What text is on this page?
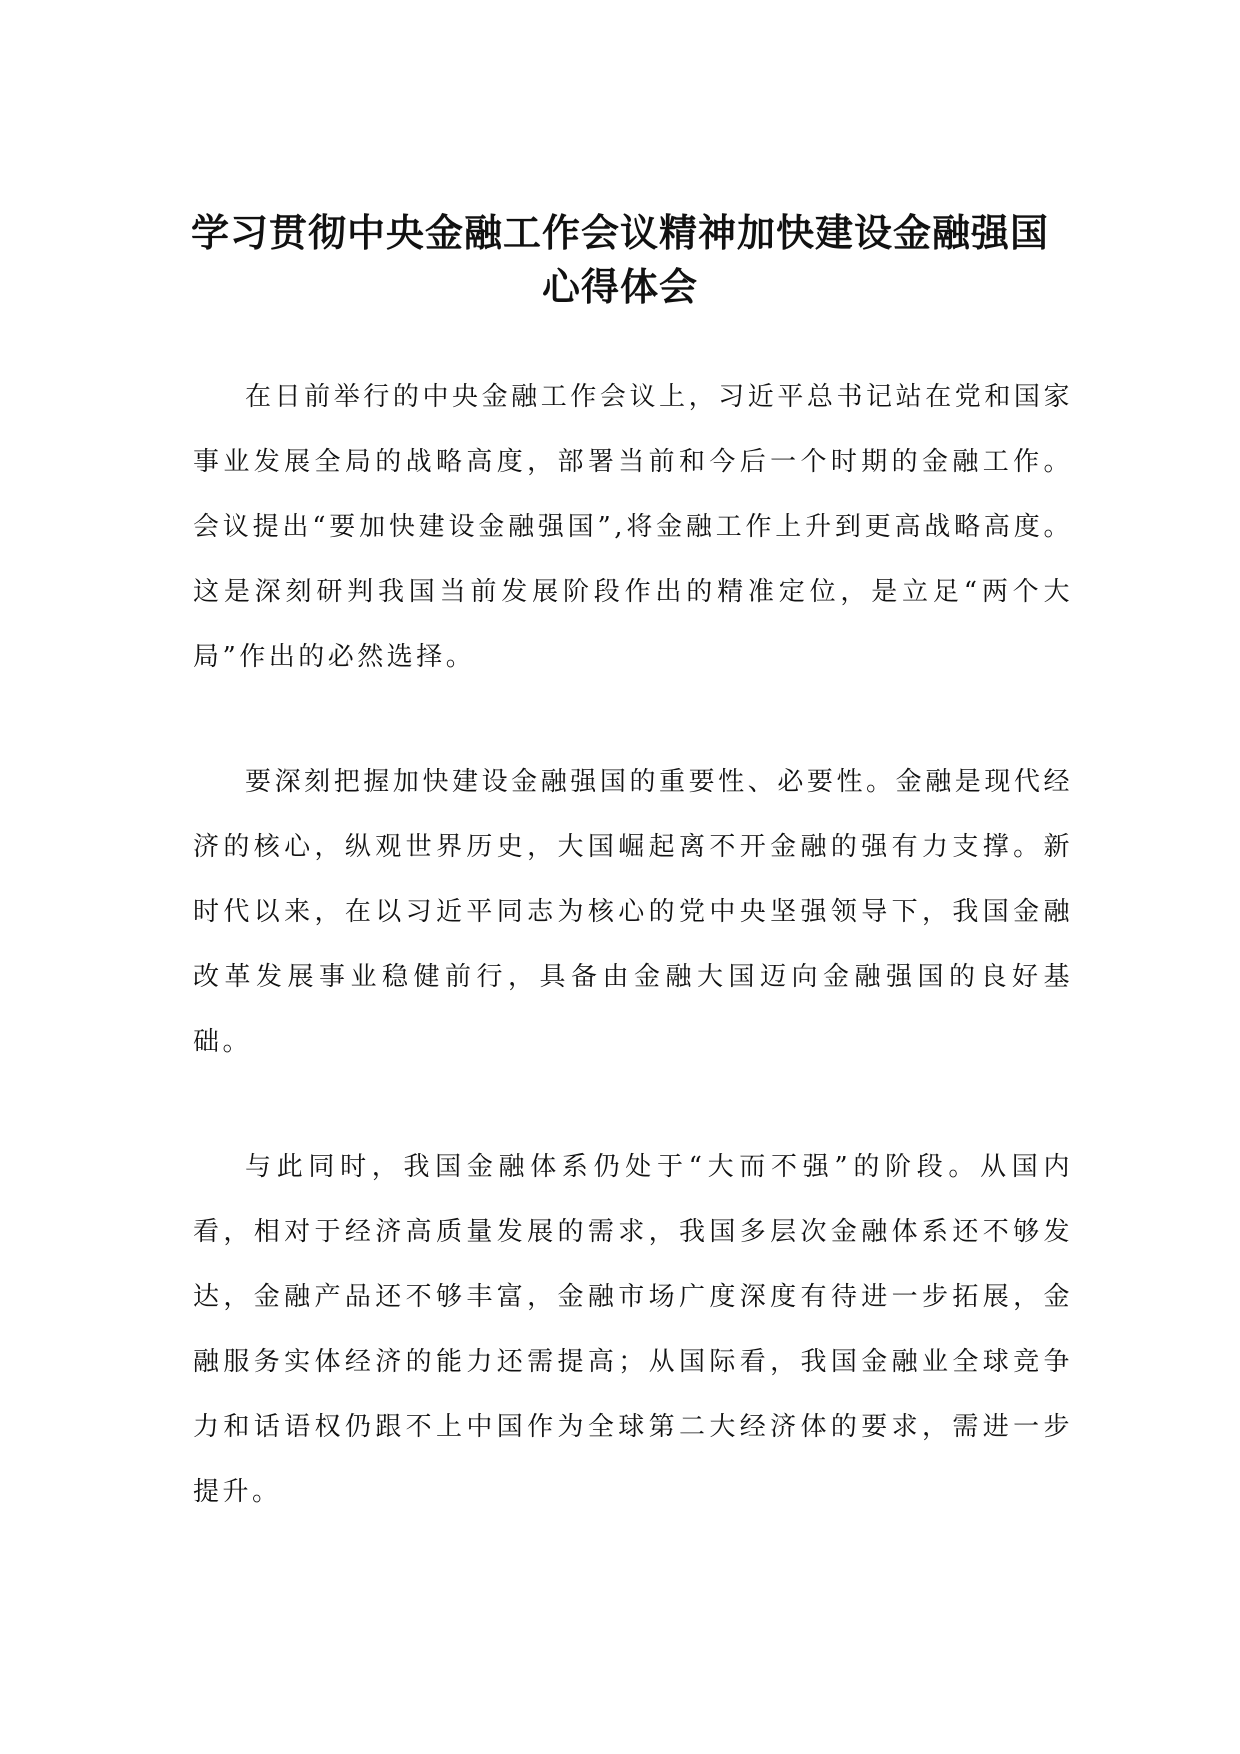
学习贯彻中央金融工作会议精神加快建设金融强国
心得体会

在日前举行的中央金融工作会议上，习近平总书记站在党和国家事业发展全局的战略高度，部署当前和今后一个时期的金融工作。会议提出“要加快建设金融强国”,将金融工作上升到更高战略高度。这是深刻研判我国当前发展阶段作出的精准定位，是立足“两个大局”作出的必然选择。

要深刻把握加快建设金融强国的重要性、必要性。金融是现代经济的核心，纵观世界历史，大国崛起离不开金融的强有力支撑。新时代以来，在以习近平同志为核心的党中央坚强领导下，我国金融改革发展事业稳健前行，具备由金融大国迈向金融强国的良好基础。

与此同时，我国金融体系仍处于“大而不强”的阶段。从国内看，相对于经济高质量发展的需求，我国多层次金融体系还不够发达，金融产品还不够丰富，金融市场广度深度有待进一步拓展，金融服务实体经济的能力还需提高；从国际看，我国金融业全球竞争力和话语权仍跟不上中国作为全球第二大经济体的要求，需进一步提升。
